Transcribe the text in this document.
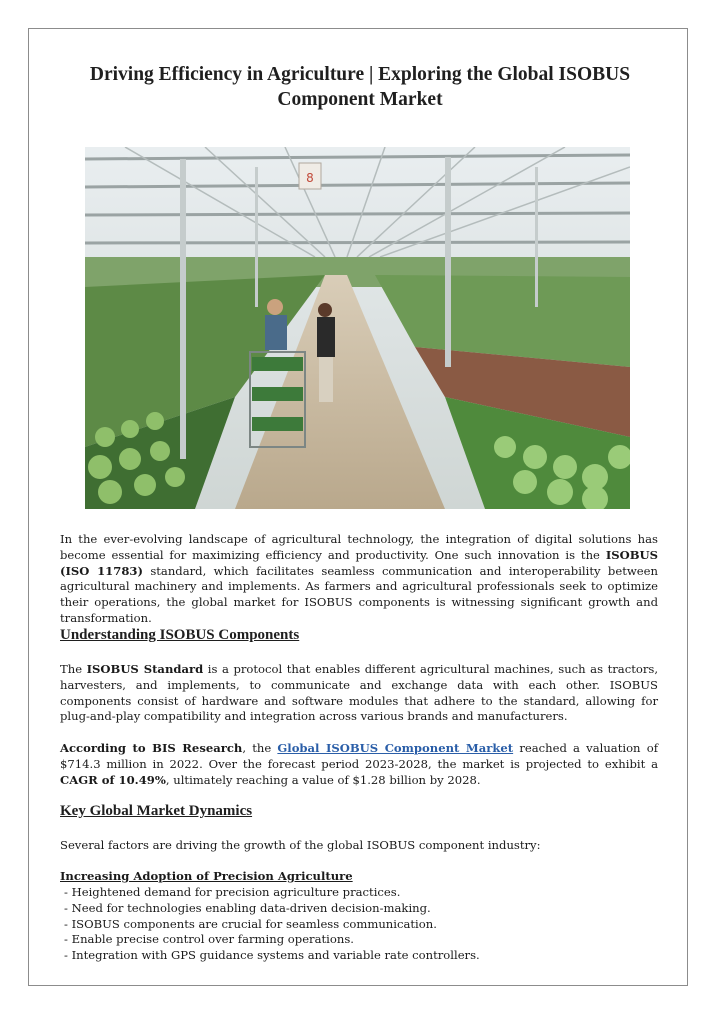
Driving Efficiency in Agriculture | Exploring the Global ISOBUS Component Market
8

In the ever-evolving landscape of agricultural technology, the integration of digital solutions has become essential for maximizing efficiency and productivity. One such innovation is the ISOBUS (ISO 11783) standard, which facilitates seamless communication and interoperability between agricultural machinery and implements. As farmers and agricultural professionals seek to optimize their operations, the global market for ISOBUS components is witnessing significant growth and transformation.

Understanding ISOBUS Components

The ISOBUS Standard is a protocol that enables different agricultural machines, such as tractors, harvesters, and implements, to communicate and exchange data with each other. ISOBUS components consist of hardware and software modules that adhere to the standard, allowing for plug-and-play compatibility and integration across various brands and manufacturers.

According to BIS Research, the Global ISOBUS Component Market reached a valuation of $714.3 million in 2022. Over the forecast period 2023-2028, the market is projected to exhibit a CAGR of 10.49%, ultimately reaching a value of $1.28 billion by 2028.

Key Global Market Dynamics

Several factors are driving the growth of the global ISOBUS component industry:

Increasing Adoption of Precision Agriculture

- Heightened demand for precision agriculture practices.
- Need for technologies enabling data-driven decision-making.
- ISOBUS components are crucial for seamless communication.
- Enable precise control over farming operations.
- Integration with GPS guidance systems and variable rate controllers.
